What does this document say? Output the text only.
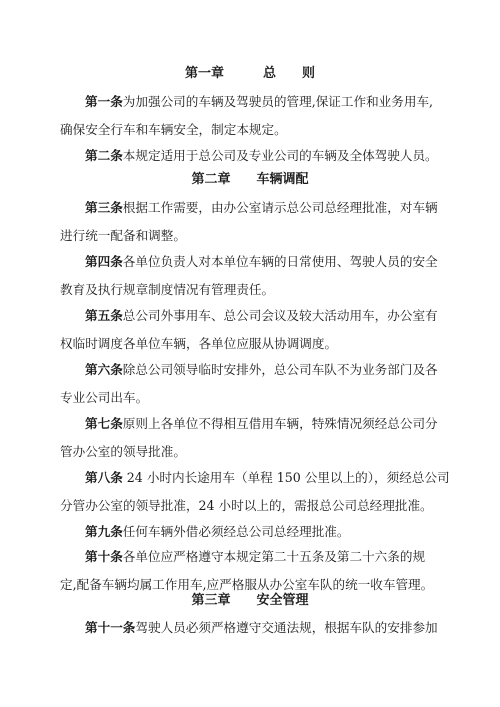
第一章　　　总　　则
第一条为加强公司的车辆及驾驶员的管理,保证工作和业务用车,
确保安全行车和车辆安全，制定本规定。
第二条本规定适用于总公司及专业公司的车辆及全体驾驶人员。
第二章　　车辆调配
第三条根据工作需要，由办公室请示总公司总经理批准，对车辆
进行统一配备和调整。
第四条各单位负责人对本单位车辆的日常使用、驾驶人员的安全
教育及执行规章制度情况有管理责任。
第五条总公司外事用车、总公司会议及较大活动用车，办公室有
权临时调度各单位车辆，各单位应服从协调调度。
第六条除总公司领导临时安排外，总公司车队不为业务部门及各
专业公司出车。
第七条原则上各单位不得相互借用车辆，特殊情况须经总公司分
管办公室的领导批准。
第八条 24 小时内长途用车（单程 150 公里以上的），须经总公司
分管办公室的领导批准，24 小时以上的，需报总公司总经理批准。
第九条任何车辆外借必须经总公司总经理批准。
第十条各单位应严格遵守本规定第二十五条及第二十六条的规
定,配备车辆均属工作用车,应严格服从办公室车队的统一收车管理。
第三章　　安全管理
第十一条驾驶人员必须严格遵守交通法规，根据车队的安排参加
